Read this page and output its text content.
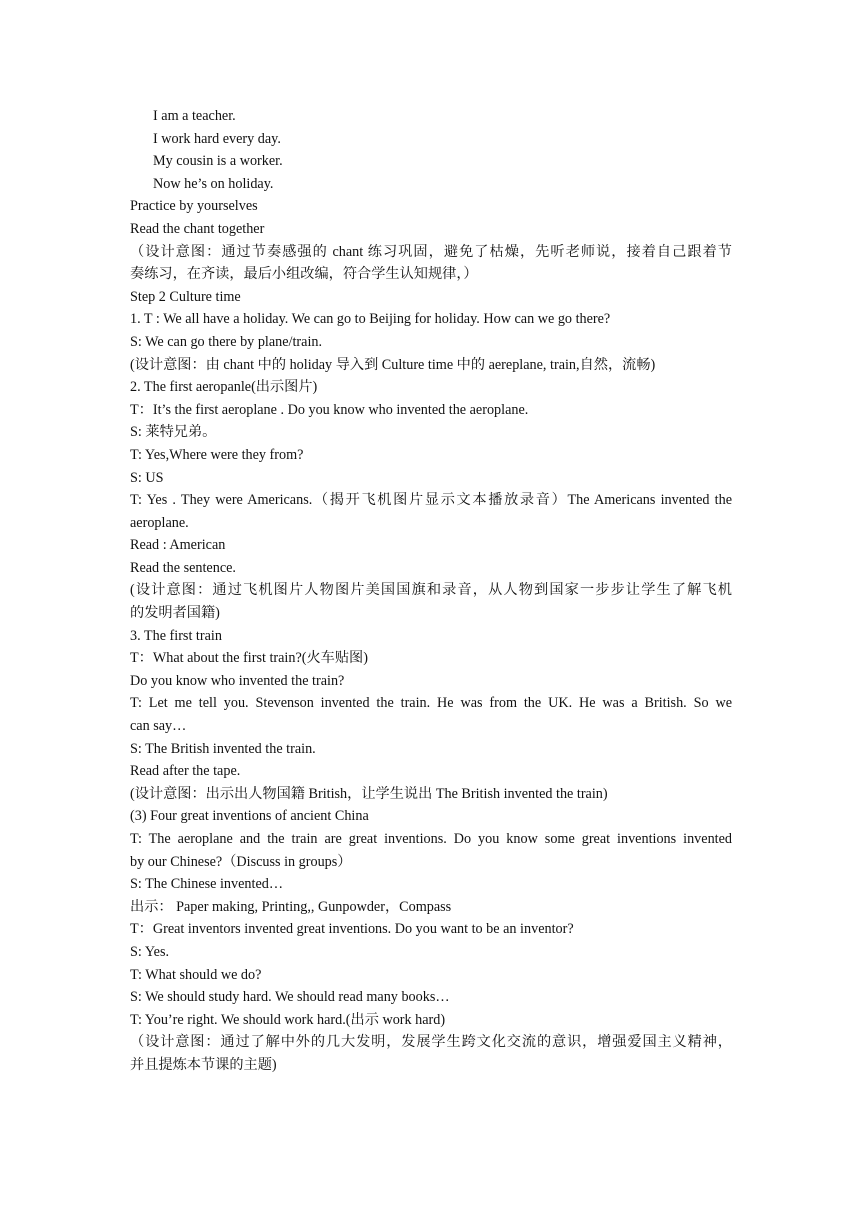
I am a teacher.
I work hard every day.
My cousin is a worker.
Now he’s on holiday.
Practice by yourselves
Read the chant together
（设计意图：通过节奏感强的 chant 练习巩固，避免了枯燥，先听老师说，接着自己跟着节
奏练习，在齐读，最后小组改编，符合学生认知规律，）
Step 2 Culture time
1. T : We all have a holiday. We can go to Beijing for holiday. How can we go there?
S: We can go there by plane/train.
(设计意图：由 chant 中的 holiday 导入到 Culture time 中的 aereplane, train,自然，流畅)
2. The first aeropanle(出示图片)
T：It’s the first aeroplane . Do you know who invented the aeroplane.
S: 莱特兄弟。
T: Yes,Where were they from?
S: US
T: Yes . They were Americans.（揭开飞机图片显示文本播放录音）The Americans invented the
aeroplane.
Read : American
Read the sentence.
(设计意图：通过飞机图片人物图片美国国旗和录音，从人物到国家一步步让学生了解飞机
的发明者国籍)
3. The first train
T：What about the first train?(火车贴图)
Do you know who invented the train?
T: Let me tell you. Stevenson invented the train. He was from the UK. He was a British. So we
can say…
S: The British invented the train.
Read after the tape.
(设计意图：出示出人物国籍 British，让学生说出 The British invented the train)
(3) Four great inventions of ancient China
T: The aeroplane and the train are great inventions. Do you know some great inventions invented
by our Chinese?（Discuss in groups）
S: The Chinese invented…
出示： Paper making, Printing,, Gunpowder，Compass
T：Great inventors invented great inventions. Do you want to be an inventor?
S: Yes.
T: What should we do?
S: We should study hard. We should read many books…
T: You’re right. We should work hard.(出示 work hard)
（设计意图：通过了解中外的几大发明，发展学生跨文化交流的意识，增强爱国主义精神，
并且提炼本节课的主题)
